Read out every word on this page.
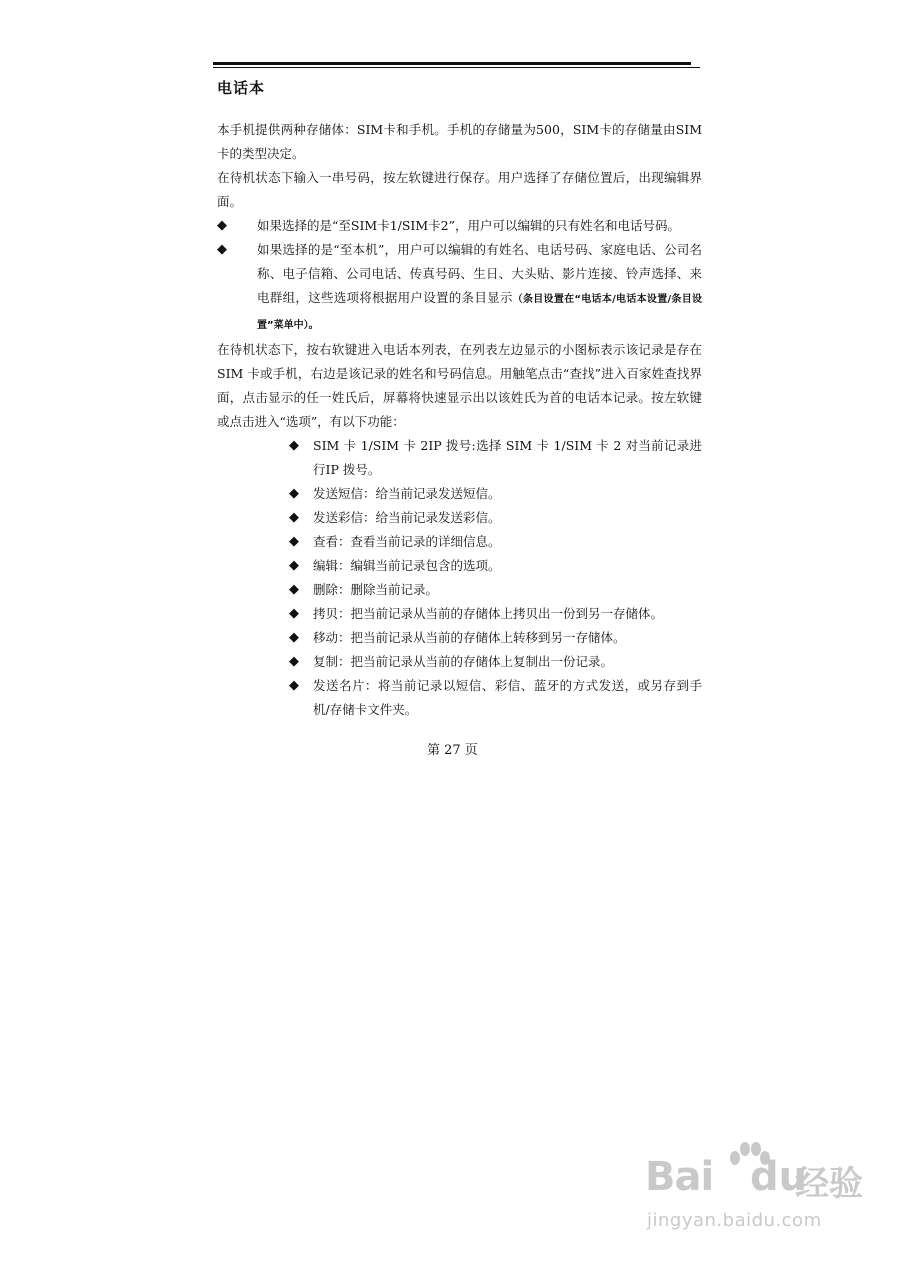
电话本

本手机提供两种存储体：SIM卡和手机。手机的存储量为500，SIM卡的存储量由SIM卡的类型决定。

在待机状态下输入一串号码，按左软键进行保存。用户选择了存储位置后，出现编辑界面。

◆ 如果选择的是“至SIM卡1/SIM卡2”，用户可以编辑的只有姓名和电话号码。
◆ 如果选择的是“至本机”，用户可以编辑的有姓名、电话号码、家庭电话、公司名称、电子信箱、公司电话、传真号码、生日、大头贴、影片连接、铃声选择、来电群组，这些选项将根据用户设置的条目显示（条目设置在“电话本/电话本设置/条目设置”菜单中）。

在待机状态下，按右软键进入电话本列表，在列表左边显示的小图标表示该记录是存在 SIM 卡或手机，右边是该记录的姓名和号码信息。用触笔点击“查找”进入百家姓查找界面，点击显示的任一姓氏后，屏幕将快速显示出以该姓氏为首的电话本记录。按左软键或点击进入“选项”，有以下功能：

◆ SIM 卡 1/SIM 卡 2IP 拨号:选择 SIM 卡 1/SIM 卡 2 对当前记录进行IP 拨号。
◆ 发送短信：给当前记录发送短信。
◆ 发送彩信：给当前记录发送彩信。
◆ 查看：查看当前记录的详细信息。
◆ 编辑：编辑当前记录包含的选项。
◆ 删除：删除当前记录。
◆ 拷贝：把当前记录从当前的存储体上拷贝出一份到另一存储体。
◆ 移动：把当前记录从当前的存储体上转移到另一存储体。
◆ 复制：把当前记录从当前的存储体上复制出一份记录。
◆ 发送名片：将当前记录以短信、彩信、蓝牙的方式发送，或另存到手机/存储卡文件夹。
第 27 页
Bai du
经验
jingyan.baidu.com
